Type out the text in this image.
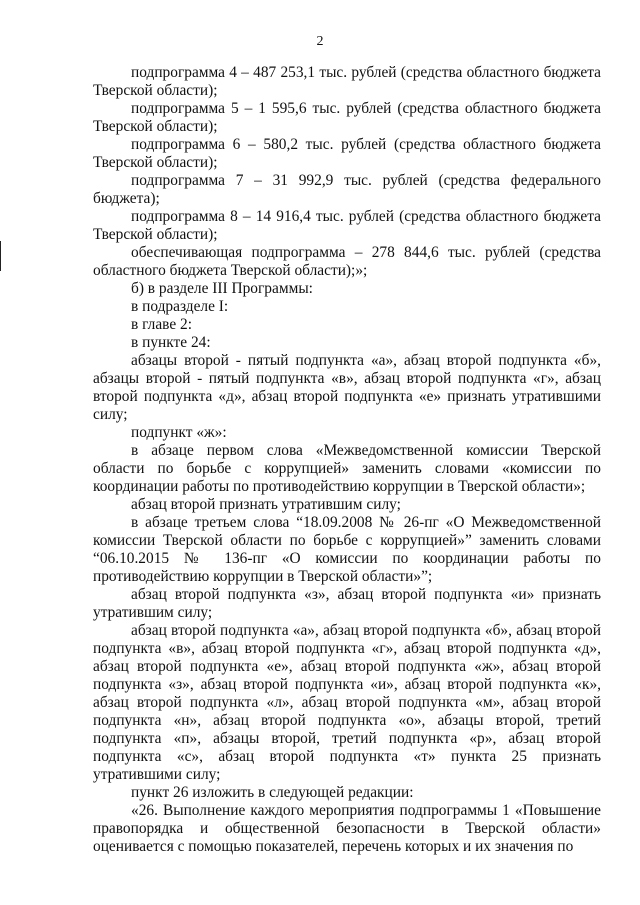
2

подпрограмма 4 – 487 253,1 тыс. рублей (средства областного бюджета Тверской области);

подпрограмма 5 – 1 595,6 тыс. рублей (средства областного бюджета Тверской области);

подпрограмма 6 – 580,2 тыс. рублей (средства областного бюджета Тверской области);

подпрограмма 7 – 31 992,9 тыс. рублей (средства федерального бюджета);

подпрограмма 8 – 14 916,4 тыс. рублей (средства областного бюджета Тверской области);

обеспечивающая подпрограмма – 278 844,6 тыс. рублей (средства областного бюджета Тверской области);»;

б) в разделе III Программы:

в подразделе I:

в главе 2:

в пункте 24:

абзацы второй - пятый подпункта «а», абзац второй подпункта «б», абзацы второй - пятый подпункта «в», абзац второй подпункта «г», абзац второй подпункта «д», абзац второй подпункта «е» признать утратившими силу;

подпункт «ж»:

в абзаце первом слова «Межведомственной комиссии Тверской области по борьбе с коррупцией» заменить словами «комиссии по координации работы по противодействию коррупции в Тверской области»;

абзац второй признать утратившим силу;

в абзаце третьем слова “18.09.2008 № 26-пг «О Межведомственной комиссии Тверской области по борьбе с коррупцией»” заменить словами “06.10.2015 № 136-пг «О комиссии по координации работы по противодействию коррупции в Тверской области»”;

абзац второй подпункта «з», абзац второй подпункта «и» признать утратившим силу;

абзац второй подпункта «а», абзац второй подпункта «б», абзац второй подпункта «в», абзац второй подпункта «г», абзац второй подпункта «д», абзац второй подпункта «е», абзац второй подпункта «ж», абзац второй подпункта «з», абзац второй подпункта «и», абзац второй подпункта «к», абзац второй подпункта «л», абзац второй подпункта «м», абзац второй подпункта «н», абзац второй подпункта «о», абзацы второй, третий подпункта «п», абзацы второй, третий подпункта «р», абзац второй подпункта «с», абзац второй подпункта «т» пункта 25 признать утратившими силу;

пункт 26 изложить в следующей редакции:

«26. Выполнение каждого мероприятия подпрограммы 1 «Повышение правопорядка и общественной безопасности в Тверской области» оценивается с помощью показателей, перечень которых и их значения по
